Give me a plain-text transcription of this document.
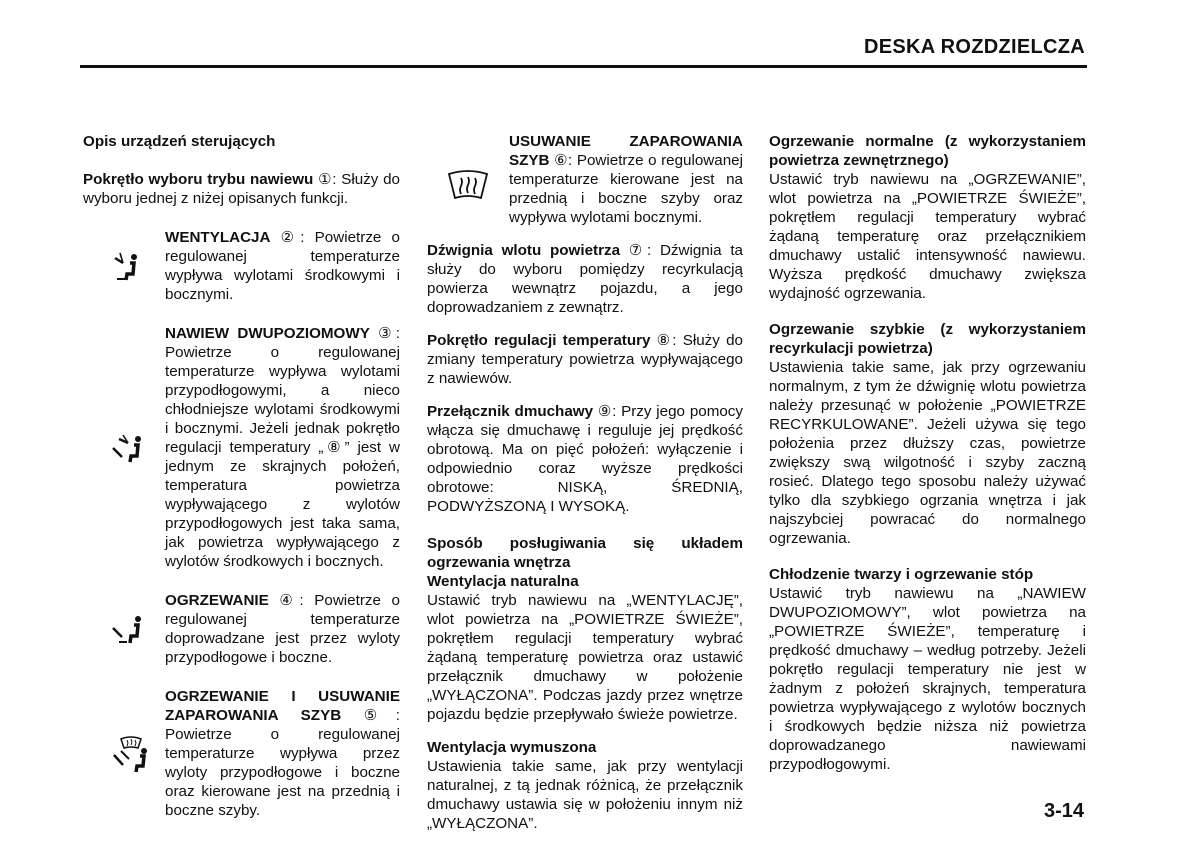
DESKA ROZDZIELCZA

Opis urządzeń sterujących

Pokrętło wyboru trybu nawiewu ①: Służy do wyboru jednej z niżej opisanych funkcji.

WENTYLACJA ②: Powietrze o regulowanej temperaturze wypływa wylotami środkowymi i bocznymi.

NAWIEW DWUPOZIOMOWY ③: Powietrze o regulowanej temperaturze wypływa wylotami przypodłogowymi, a nieco chłodniejsze wylotami środkowymi i bocznymi. Jeżeli jednak pokrętło regulacji temperatury „⑧” jest w jednym ze skrajnych położeń, temperatura powietrza wypływającego z wylotów przypodłogowych jest taka sama, jak powietrza wypływającego z wylotów środkowych i bocznych.

OGRZEWANIE ④: Powietrze o regulowanej temperaturze doprowadzane jest przez wyloty przypodłogowe i boczne.

OGRZEWANIE I USUWANIE ZAPAROWANIA SZYB ⑤: Powietrze o regulowanej temperaturze wypływa przez wyloty przypodłogowe i boczne oraz kierowane jest na przednią i boczne szyby.

USUWANIE ZAPAROWANIA SZYB ⑥: Powietrze o regulowanej temperaturze kierowane jest na przednią i boczne szyby oraz wypływa wylotami bocznymi.

Dźwignia wlotu powietrza ⑦: Dźwignia ta służy do wyboru pomiędzy recyrkulacją powierza wewnątrz pojazdu, a jego doprowadzaniem z zewnątrz.

Pokrętło regulacji temperatury ⑧: Służy do zmiany temperatury powietrza wypływającego z nawiewów.

Przełącznik dmuchawy ⑨: Przy jego pomocy włącza się dmuchawę i reguluje jej prędkość obrotową. Ma on pięć położeń: wyłączenie i odpowiednio coraz wyższe prędkości obrotowe: NISKĄ, ŚREDNIĄ, PODWYŻSZONĄ I WYSOKĄ.

Sposób posługiwania się układem ogrzewania wnętrza

Wentylacja naturalna

Ustawić tryb nawiewu na „WENTYLACJĘ”, wlot powietrza na „POWIETRZE ŚWIEŻE”, pokrętłem regulacji temperatury wybrać żądaną temperaturę powietrza oraz ustawić przełącznik dmuchawy w położenie „WYŁĄCZONA”. Podczas jazdy przez wnętrze pojazdu będzie przepływało świeże powietrze.

Wentylacja wymuszona

Ustawienia takie same, jak przy wentylacji naturalnej, z tą jednak różnicą, że przełącznik dmuchawy ustawia się w położeniu innym niż „WYŁĄCZONA”.

Ogrzewanie normalne (z wykorzystaniem powietrza zewnętrznego)

Ustawić tryb nawiewu na „OGRZEWANIE”, wlot powietrza na „POWIETRZE ŚWIEŻE”, pokrętłem regulacji temperatury wybrać żądaną temperaturę oraz przełącznikiem dmuchawy ustalić intensywność nawiewu. Wyższa prędkość dmuchawy zwiększa wydajność ogrzewania.

Ogrzewanie szybkie (z wykorzystaniem recyrkulacji powietrza)

Ustawienia takie same, jak przy ogrzewaniu normalnym, z tym że dźwignię wlotu powietrza należy przesunąć w położenie „POWIETRZE RECYRKULOWANE”. Jeżeli używa się tego położenia przez dłuższy czas, powietrze zwiększy swą wilgotność i szyby zaczną rosieć. Dlatego tego sposobu należy używać tylko dla szybkiego ogrzania wnętrza i jak najszybciej powracać do normalnego ogrzewania.

Chłodzenie twarzy i ogrzewanie stóp

Ustawić tryb nawiewu na „NAWIEW DWUPOZIOMOWY”, wlot powietrza na „POWIETRZE ŚWIEŻE”, temperaturę i prędkość dmuchawy – według potrzeby. Jeżeli pokrętło regulacji temperatury nie jest w żadnym z położeń skrajnych, temperatura powietrza wypływającego z wylotów bocznych i środkowych będzie niższa niż powietrza doprowadzanego nawiewami przypodłogowymi.

3-14
